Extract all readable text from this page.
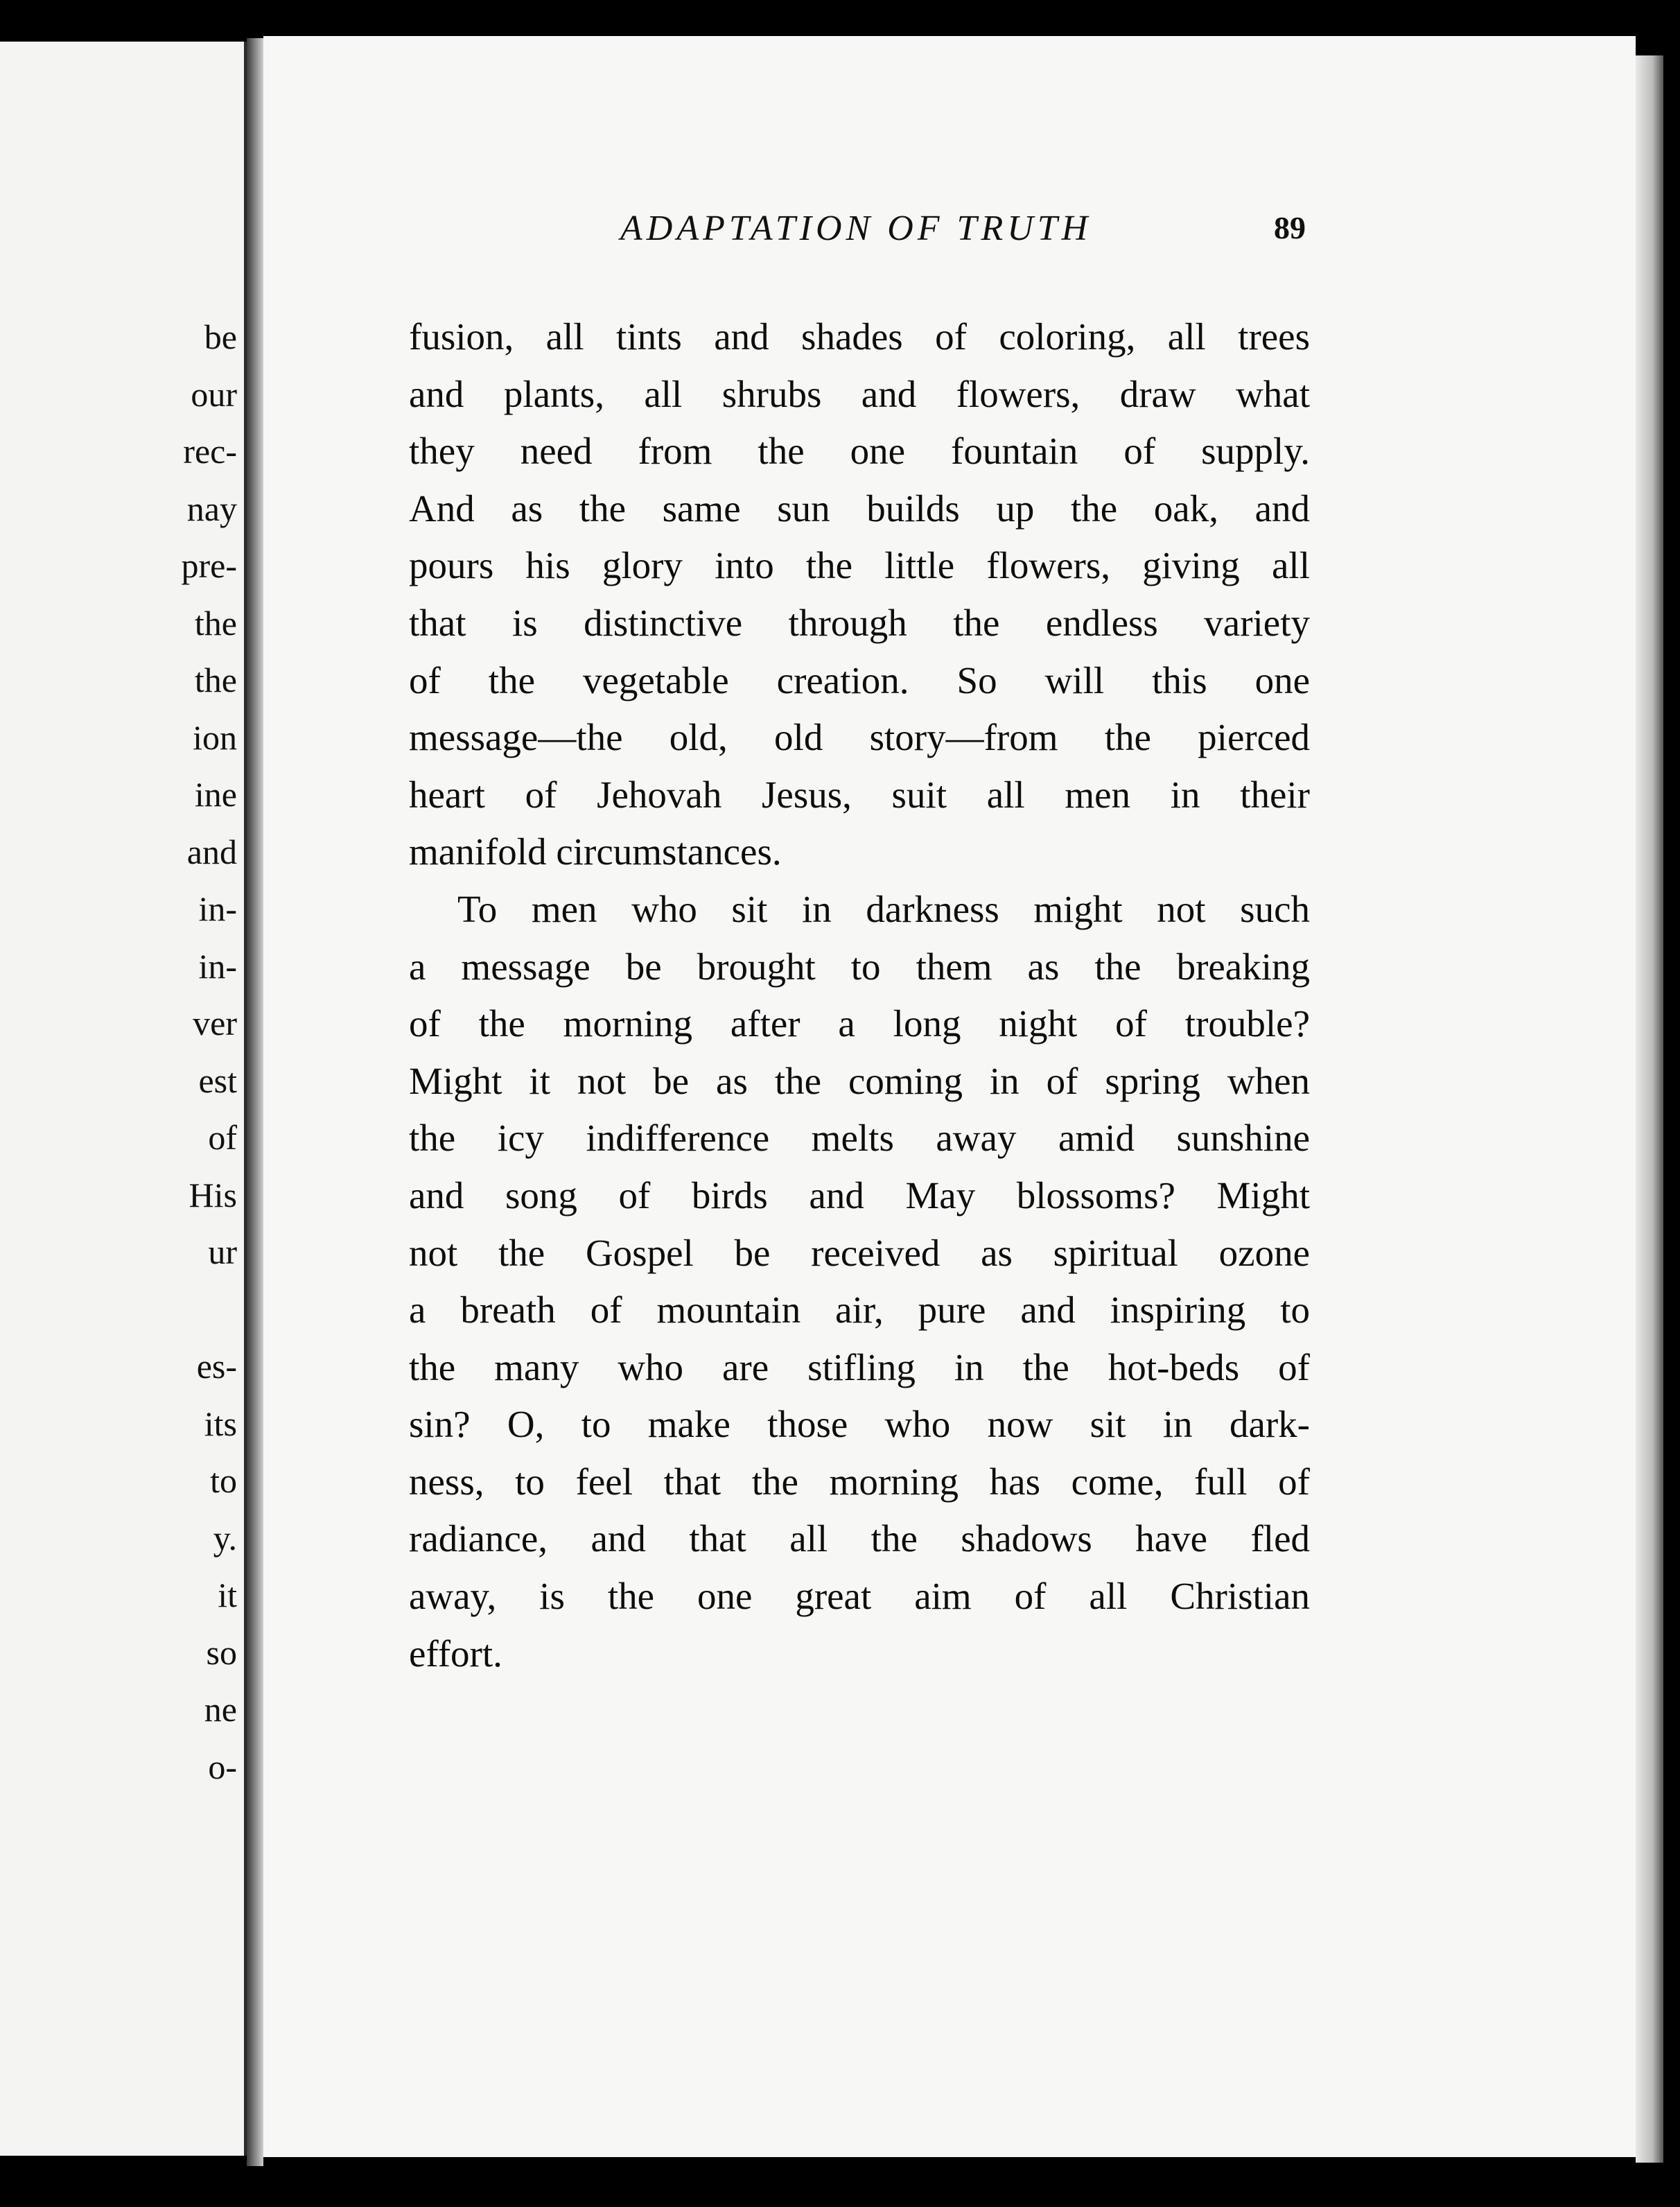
be
our
rec-
nay
pre-
the
the
ion
ine
and
in-
in-
ver
est
of
His
ur
es-
its
to
y.
it
so
ne
o-
ADAPTATION OF TRUTH	89
fusion, all tints and shades of coloring, all trees
and plants, all shrubs and flowers, draw what
they need from the one fountain of supply.
And as the same sun builds up the oak, and
pours his glory into the little flowers, giving all
that is distinctive through the endless variety
of the vegetable creation. So will this one
message—the old, old story—from the pierced
heart of Jehovah Jesus, suit all men in their
manifold circumstances.
To men who sit in darkness might not such
a message be brought to them as the breaking
of the morning after a long night of trouble?
Might it not be as the coming in of spring when
the icy indifference melts away amid sunshine
and song of birds and May blossoms? Might
not the Gospel be received as spiritual ozone
a breath of mountain air, pure and inspiring to
the many who are stifling in the hot-beds of
sin? O, to make those who now sit in dark-
ness, to feel that the morning has come, full of
radiance, and that all the shadows have fled
away, is the one great aim of all Christian
effort.
